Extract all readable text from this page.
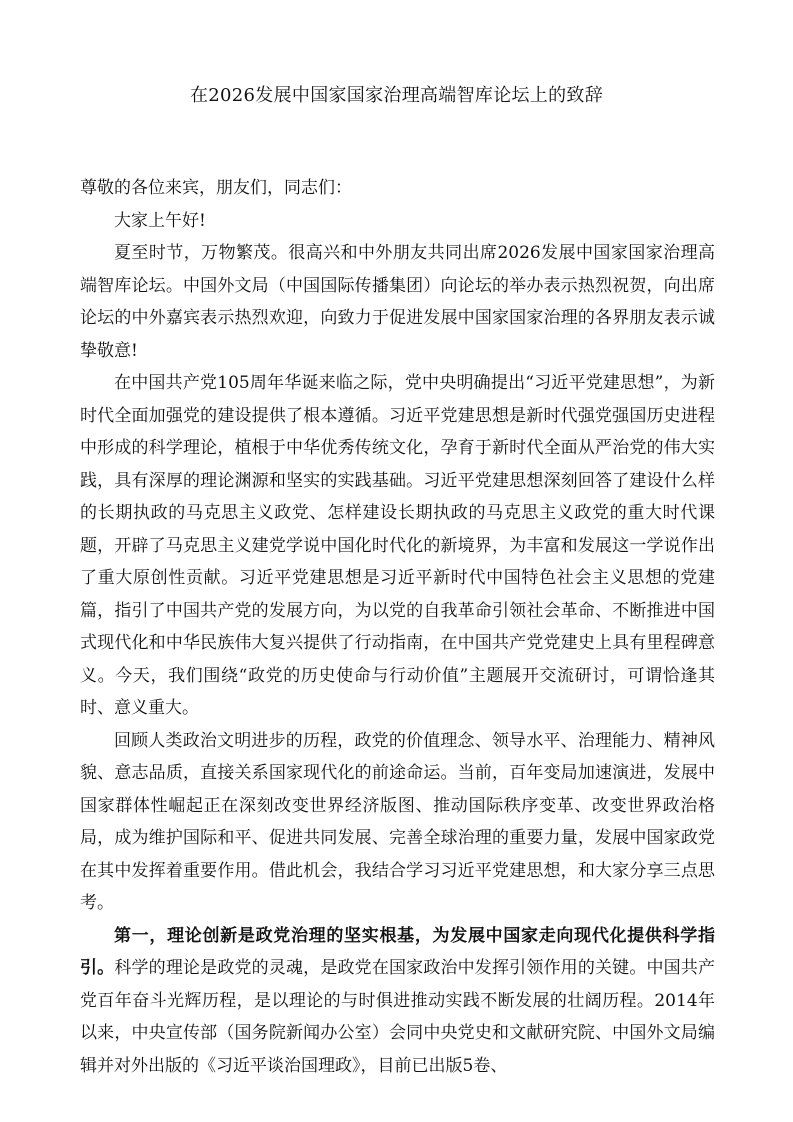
在2026发展中国家国家治理高端智库论坛上的致辞

尊敬的各位来宾，朋友们，同志们：

大家上午好!

夏至时节，万物繁茂。很高兴和中外朋友共同出席2026发展中国家国家治理高端智库论坛。中国外文局（中国国际传播集团）向论坛的举办表示热烈祝贺，向出席论坛的中外嘉宾表示热烈欢迎，向致力于促进发展中国家国家治理的各界朋友表示诚挚敬意!

在中国共产党105周年华诞来临之际，党中央明确提出“习近平党建思想”，为新时代全面加强党的建设提供了根本遵循。习近平党建思想是新时代强党强国历史进程中形成的科学理论，植根于中华优秀传统文化，孕育于新时代全面从严治党的伟大实践，具有深厚的理论渊源和坚实的实践基础。习近平党建思想深刻回答了建设什么样的长期执政的马克思主义政党、怎样建设长期执政的马克思主义政党的重大时代课题，开辟了马克思主义建党学说中国化时代化的新境界，为丰富和发展这一学说作出了重大原创性贡献。习近平党建思想是习近平新时代中国特色社会主义思想的党建篇，指引了中国共产党的发展方向，为以党的自我革命引领社会革命、不断推进中国式现代化和中华民族伟大复兴提供了行动指南，在中国共产党党建史上具有里程碑意义。今天，我们围绕“政党的历史使命与行动价值”主题展开交流研讨，可谓恰逢其时、意义重大。

回顾人类政治文明进步的历程，政党的价值理念、领导水平、治理能力、精神风貌、意志品质，直接关系国家现代化的前途命运。当前，百年变局加速演进，发展中国家群体性崛起正在深刻改变世界经济版图、推动国际秩序变革、改变世界政治格局，成为维护国际和平、促进共同发展、完善全球治理的重要力量，发展中国家政党在其中发挥着重要作用。借此机会，我结合学习习近平党建思想，和大家分享三点思考。

第一，理论创新是政党治理的坚实根基，为发展中国家走向现代化提供科学指引。科学的理论是政党的灵魂，是政党在国家政治中发挥引领作用的关键。中国共产党百年奋斗光辉历程，是以理论的与时俱进推动实践不断发展的壮阔历程。2014年以来，中央宣传部（国务院新闻办公室）会同中央党史和文献研究院、中国外文局编辑并对外出版的《习近平谈治国理政》，目前已出版5卷、
